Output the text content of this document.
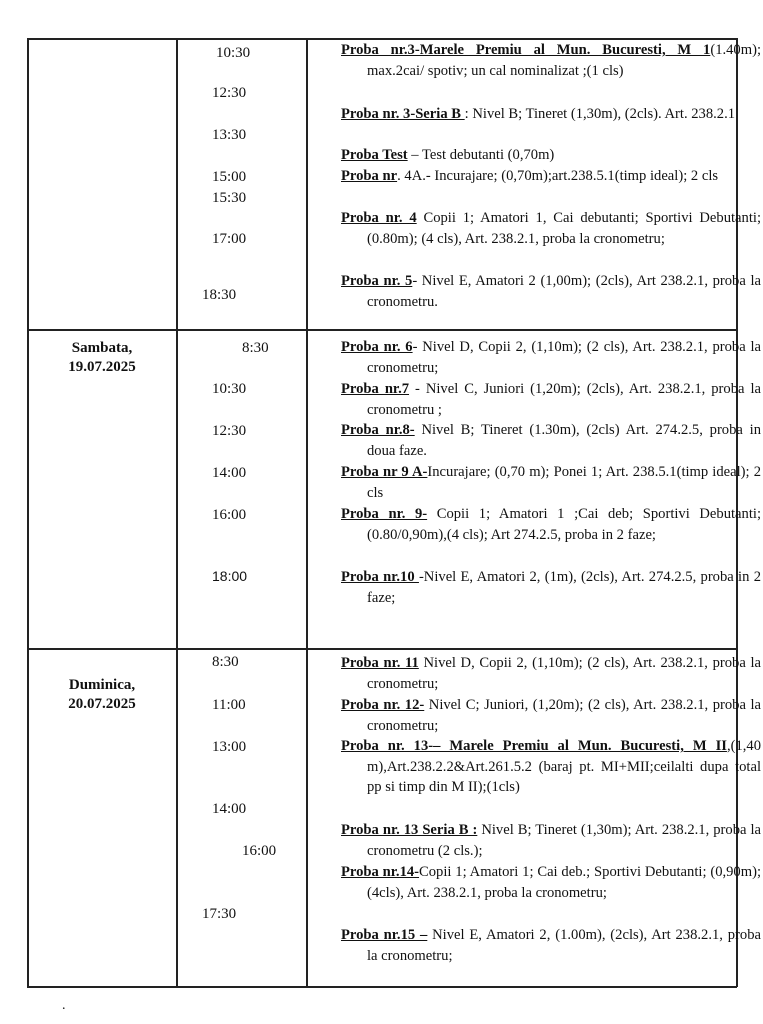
10:30
12:30
13:30
15:00
15:30
17:00
18:30
Proba nr.3-Marele Premiu al Mun. Bucuresti, M 1(1.40m); max.2cai/ spotiv; un cal nominalizat ;(1 cls)
Proba nr. 3-Seria B : Nivel B; Tineret (1,30m), (2cls). Art. 238.2.1
Proba Test – Test debutanti (0,70m)
Proba nr. 4A.- Incurajare; (0,70m);art.238.5.1(timp ideal); 2 cls
Proba nr. 4 Copii 1; Amatori 1, Cai debutanti; Sportivi Debutanti; (0.80m); (4 cls), Art. 238.2.1, proba la cronometru;
Proba nr. 5- Nivel E, Amatori 2 (1,00m); (2cls), Art 238.2.1, proba la cronometru.
Sambata,
19.07.2025
8:30
10:30
12:30
14:00
16:00
18:00
Proba nr. 6- Nivel D, Copii 2, (1,10m); (2 cls), Art. 238.2.1, proba la cronometru;
Proba nr.7 - Nivel C, Juniori (1,20m); (2cls), Art. 238.2.1, proba la cronometru ;
Proba nr.8- Nivel B; Tineret (1.30m), (2cls) Art. 274.2.5, proba in doua faze.
Proba nr 9 A-Incurajare; (0,70 m); Ponei 1; Art. 238.5.1(timp ideal); 2 cls
Proba nr. 9- Copii 1; Amatori 1 ;Cai deb; Sportivi Debutanti; (0.80/0,90m),(4 cls); Art 274.2.5, proba in 2 faze;
Proba nr.10 -Nivel E, Amatori 2, (1m), (2cls), Art. 274.2.5, proba in 2 faze;
Duminica,
20.07.2025
8:30
11:00
13:00
14:00
16:00
17:30
Proba nr. 11 Nivel D, Copii 2, (1,10m); (2 cls), Art. 238.2.1, proba la cronometru;
Proba nr. 12- Nivel C; Juniori, (1,20m); (2 cls), Art. 238.2.1, proba la cronometru;
Proba nr. 13-– Marele Premiu al Mun. Bucuresti, M II,(1,40 m),Art.238.2.2&Art.261.5.2 (baraj pt. MI+MII;ceilalti dupa total pp si timp din M II);(1cls)
Proba nr. 13 Seria B : Nivel B; Tineret (1,30m); Art. 238.2.1, proba la cronometru (2 cls.);
Proba nr.14-Copii 1; Amatori 1; Cai deb.; Sportivi Debutanti; (0,90m); (4cls), Art. 238.2.1, proba la cronometru;
Proba nr.15 – Nivel E, Amatori 2, (1.00m), (2cls), Art 238.2.1, proba la cronometru;
.
